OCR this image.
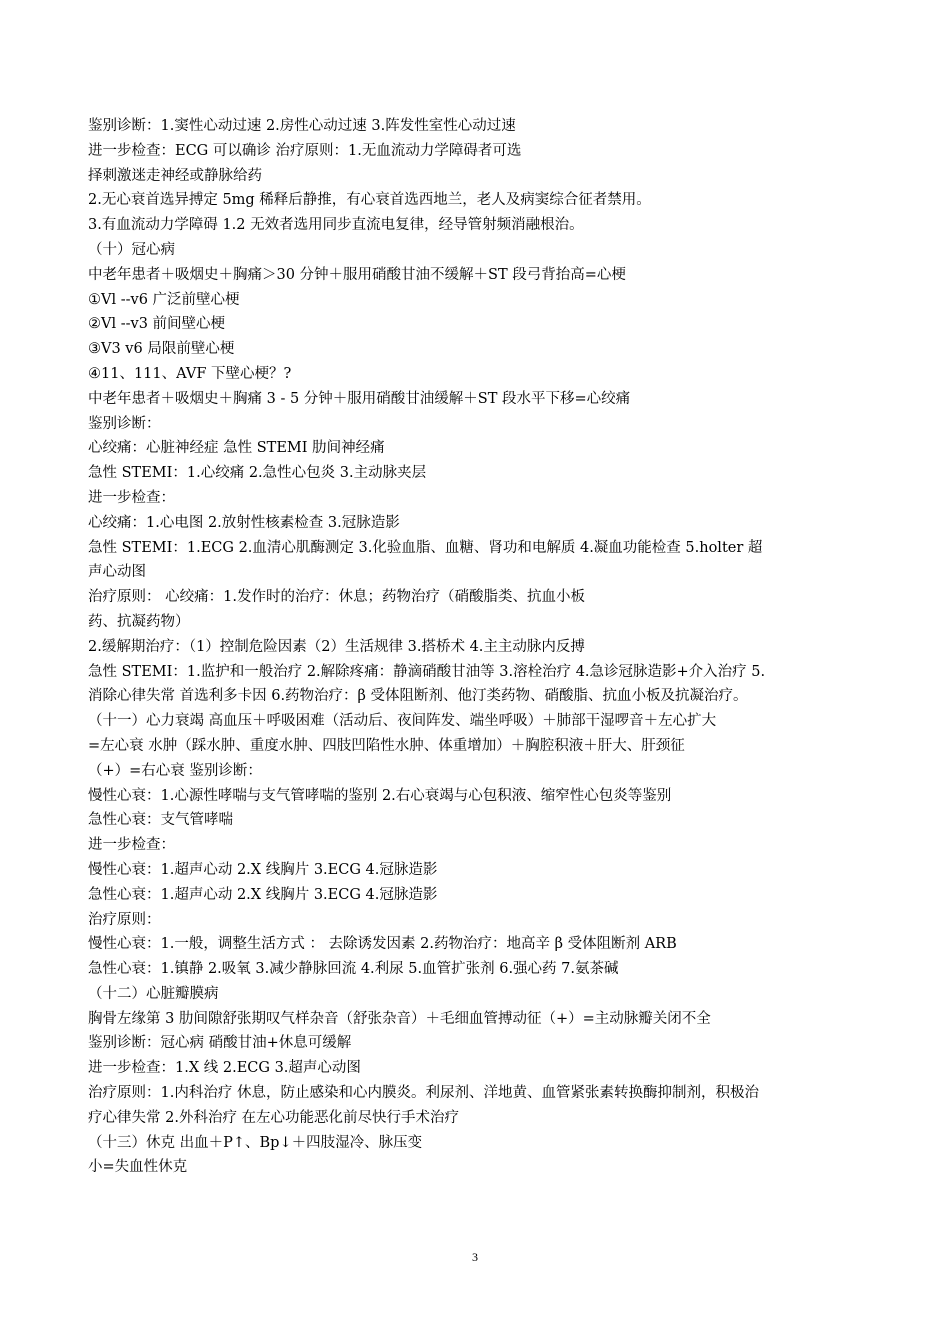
鉴别诊断：1.窦性心动过速 2.房性心动过速 3.阵发性室性心动过速
进一步检查：ECG 可以确诊 治疗原则：1.无血流动力学障碍者可选
择刺激迷走神经或静脉给药
2.无心衰首选异搏定 5mg 稀释后静推，有心衰首选西地兰，老人及病窦综合征者禁用。
3.有血流动力学障碍 1.2 无效者选用同步直流电复律，经导管射频消融根治。
（十）冠心病
中老年患者＋吸烟史＋胸痛＞30 分钟＋服用硝酸甘油不缓解＋ST 段弓背抬高=心梗
①Vl --v6 广泛前壁心梗
②Vl --v3 前间壁心梗
③V3 v6 局限前壁心梗
④11、111、AVF 下壁心梗？?
中老年患者＋吸烟史＋胸痛 3 - 5 分钟＋服用硝酸甘油缓解＋ST 段水平下移=心绞痛
鉴别诊断：
心绞痛：心脏神经症 急性 STEMI 肋间神经痛
急性 STEMI：1.心绞痛 2.急性心包炎 3.主动脉夹层
进一步检查：
心绞痛：1.心电图 2.放射性核素检查 3.冠脉造影
急性 STEMI：1.ECG 2.血清心肌酶测定 3.化验血脂、血糖、肾功和电解质 4.凝血功能检查 5.holter 超
声心动图
治疗原则： 心绞痛：1.发作时的治疗：休息；药物治疗（硝酸脂类、抗血小板
药、抗凝药物）
2.缓解期治疗：（1）控制危险因素（2）生活规律 3.搭桥术 4.主主动脉内反搏
急性 STEMI：1.监护和一般治疗 2.解除疼痛：静滴硝酸甘油等 3.溶栓治疗 4.急诊冠脉造影+介入治疗 5.
消除心律失常 首选利多卡因 6.药物治疗：β 受体阻断剂、他汀类药物、硝酸脂、抗血小板及抗凝治疗。
（十一）心力衰竭 高血压＋呼吸困难（活动后、夜间阵发、端坐呼吸）＋肺部干湿啰音＋左心扩大
=左心衰 水肿（踩水肿、重度水肿、四肢凹陷性水肿、体重增加）＋胸腔积液＋肝大、肝颈征
（+）=右心衰 鉴别诊断：
慢性心衰：1.心源性哮喘与支气管哮喘的鉴别 2.右心衰竭与心包积液、缩窄性心包炎等鉴别
急性心衰：支气管哮喘
进一步检查：
慢性心衰：1.超声心动 2.X 线胸片 3.ECG 4.冠脉造影
急性心衰：1.超声心动 2.X 线胸片 3.ECG 4.冠脉造影
治疗原则：
慢性心衰：1.一般，调整生活方式 ： 去除诱发因素 2.药物治疗：地高辛 β 受体阻断剂 ARB
急性心衰：1.镇静 2.吸氧 3.减少静脉回流 4.利尿 5.血管扩张剂 6.强心药 7.氨茶碱
（十二）心脏瓣膜病
胸骨左缘第 3 肋间隙舒张期叹气样杂音（舒张杂音）＋毛细血管搏动征（+）=主动脉瓣关闭不全
鉴别诊断：冠心病 硝酸甘油+休息可缓解
进一步检查：1.X 线 2.ECG 3.超声心动图
治疗原则：1.内科治疗 休息，防止感染和心内膜炎。利尿剂、洋地黄、血管紧张素转换酶抑制剂，积极治
疗心律失常 2.外科治疗 在左心功能恶化前尽快行手术治疗
（十三）休克 出血＋P↑、Bp↓＋四肢湿冷、脉压变
小=失血性休克
3
